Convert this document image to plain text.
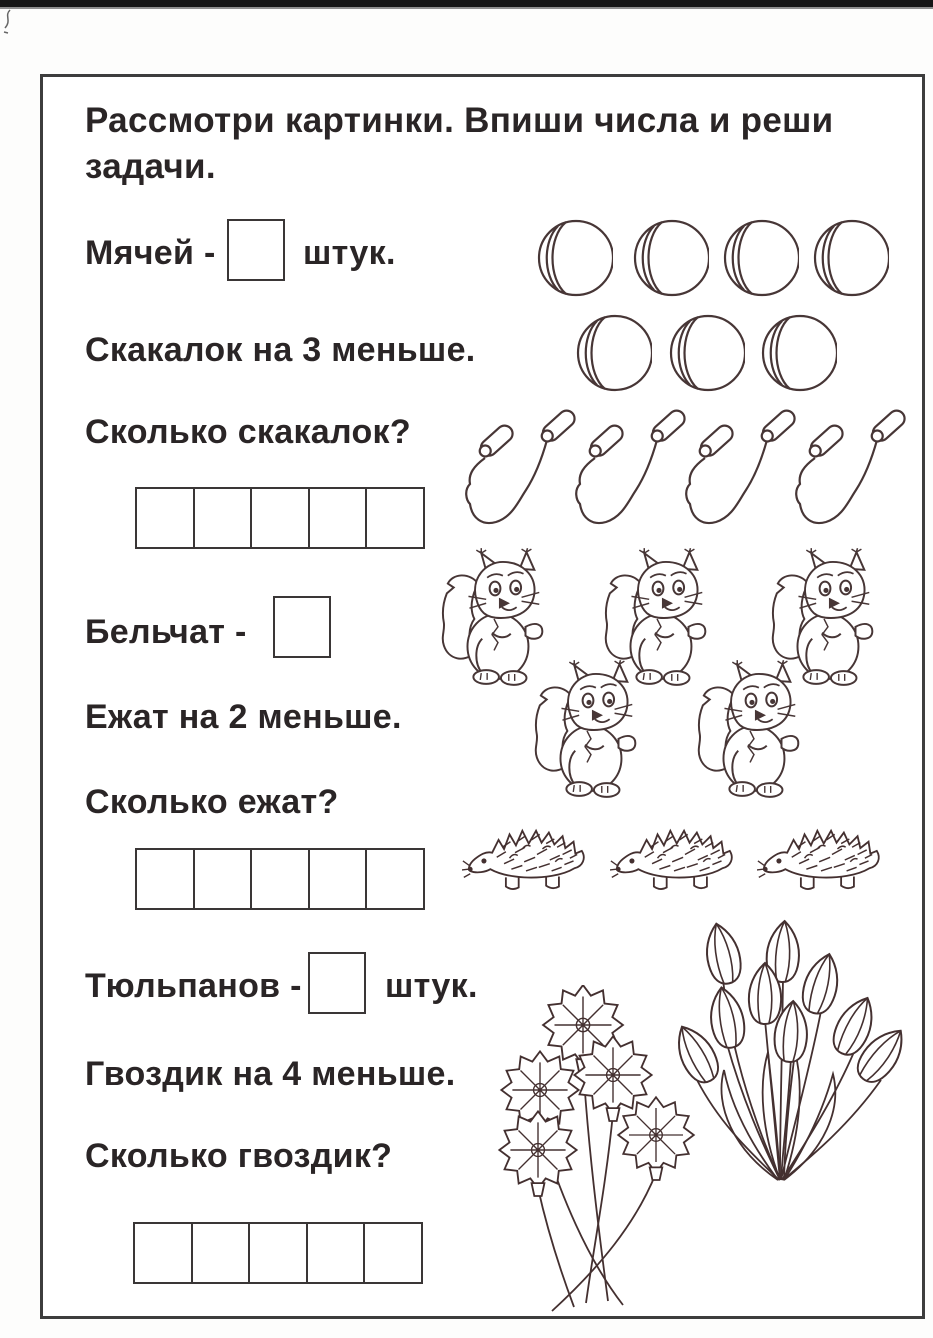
Рассмотри картинки. Впиши числа и реши задачи.
Мячей -	штук.
Скакалок на 3 меньше.
Сколько скакалок?
Бельчат -
Ежат на 2 меньше.
Сколько ежат?
Тюльпанов - штук.
Гвоздик на 4 меньше.
Сколько гвоздик?
